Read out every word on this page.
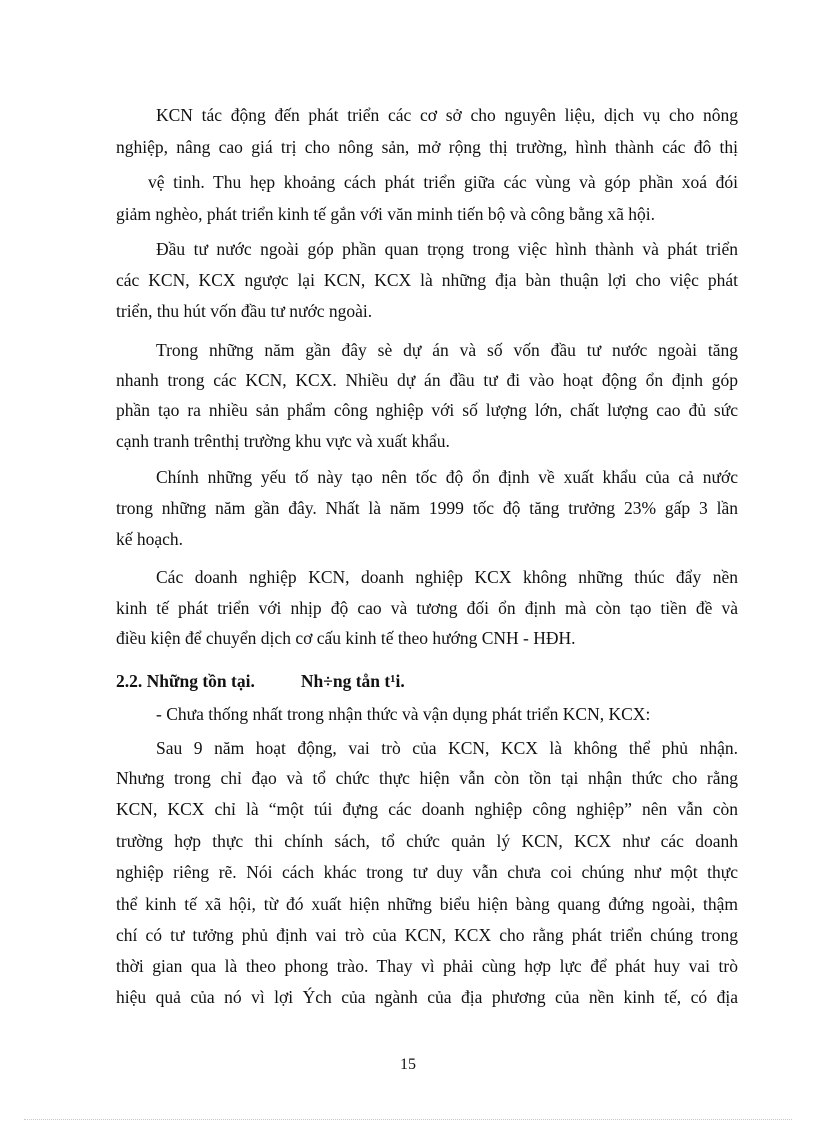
KCN tác động đến phát triển các cơ sở cho nguyên liệu, dịch vụ cho nông
nghiệp, nâng cao giá trị cho nông sản, mở rộng thị trường, hình thành các đô thị
vệ tinh. Thu hẹp khoảng cách phát triển giữa các vùng và góp phần xoá đói
giảm nghèo, phát triển kinh tế gắn với văn minh tiến bộ và công bằng xã hội.
Đầu tư nước ngoài góp phần quan trọng trong việc hình thành và phát triển
các KCN, KCX ngược lại KCN, KCX là những địa bàn thuận lợi cho việc phát
triển, thu hút vốn đầu tư nước ngoài.
Trong những năm gần đây sè dự án và số vốn đầu tư nước ngoài tăng
nhanh trong các KCN, KCX. Nhiều dự án đầu tư đi vào hoạt động ổn định góp
phần tạo ra nhiều sản phẩm công nghiệp với số lượng lớn, chất lượng cao đủ sức
cạnh tranh trênthị trường khu vực và xuất khẩu.
Chính những yếu tố này tạo nên tốc độ ổn định về xuất khẩu của cả nước
trong những năm gần đây. Nhất là năm 1999 tốc độ tăng trưởng 23% gấp 3 lần
kế hoạch.
Các doanh nghiệp KCN, doanh nghiệp KCX không những thúc đẩy nền
kinh tế phát triển với nhịp độ cao và tương đối ổn định mà còn tạo tiền đề và
điều kiện để chuyển dịch cơ cấu kinh tế theo hướng CNH - HĐH.
2.2. Những tồn tại.	Nh÷ng tån t¹i.
- Chưa thống nhất trong nhận thức và vận dụng phát triển KCN, KCX:
Sau 9 năm hoạt động, vai trò của KCN, KCX là không thể phủ nhận.
Nhưng trong chỉ đạo và tổ chức thực hiện vẫn còn tồn tại nhận thức cho rằng
KCN, KCX chỉ là “một túi đựng các doanh nghiệp công nghiệp” nên vẫn còn
trường hợp thực thi chính sách, tổ chức quản lý KCN, KCX như các doanh
nghiệp riêng rẽ. Nói cách khác trong tư duy vẫn chưa coi chúng như một thực
thể kinh tế xã hội, từ đó xuất hiện những biểu hiện bàng quang đứng ngoài, thậm
chí có tư tưởng phủ định vai trò của KCN, KCX cho rằng phát triển chúng trong
thời gian qua là theo phong trào. Thay vì phải cùng hợp lực để phát huy vai trò
hiệu quả của nó vì lợi Ých của ngành của địa phương của nền kinh tế, có địa
15
